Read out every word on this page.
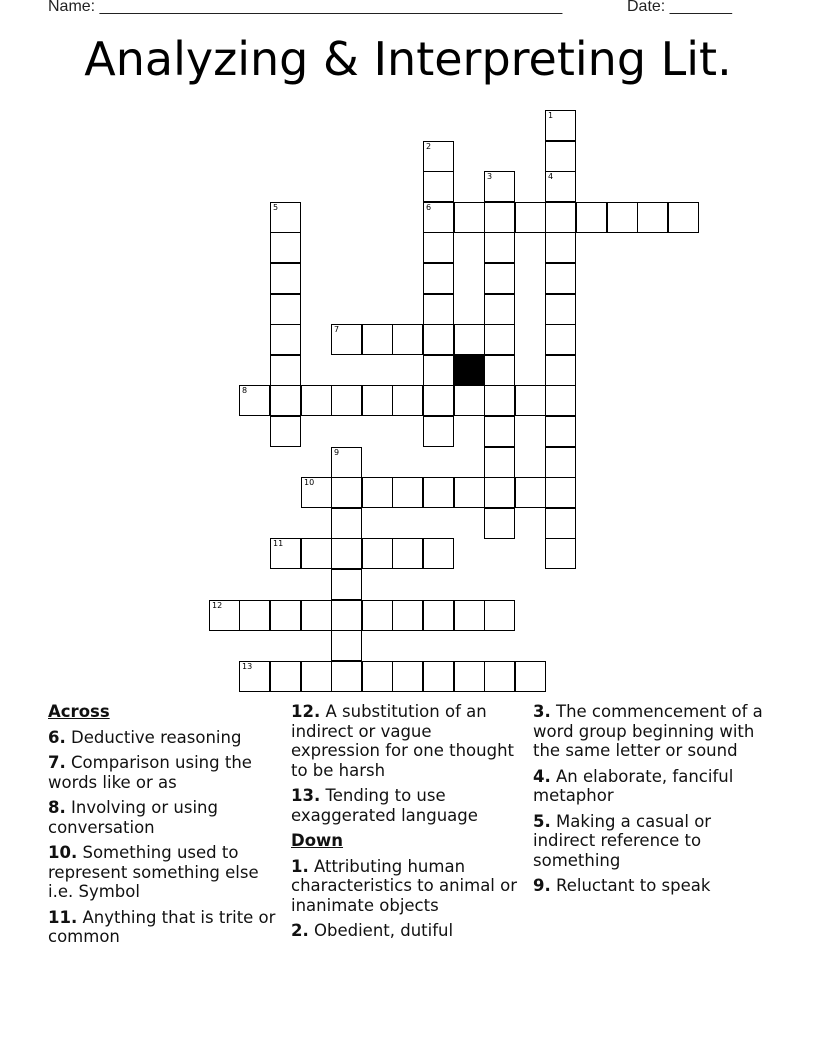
Name: ____________________________________________________	Date: _______
Analyzing & Interpreting Lit.
1
4
2
6
3
5
7
8
9
10
11
12
13
Across
6. Deductive reasoning
7. Comparison using the words like or as
8. Involving or using conversation
10. Something used to represent something else i.e. Symbol
11. Anything that is trite or common
12. A substitution of an indirect or vague expression for one thought to be harsh
13. Tending to use exaggerated language
Down
1. Attributing human characteristics to animal or inanimate objects
2. Obedient, dutiful
3. The commencement of a word group beginning with the same letter or sound
4. An elaborate, fanciful metaphor
5. Making a casual or indirect reference to something
9. Reluctant to speak
